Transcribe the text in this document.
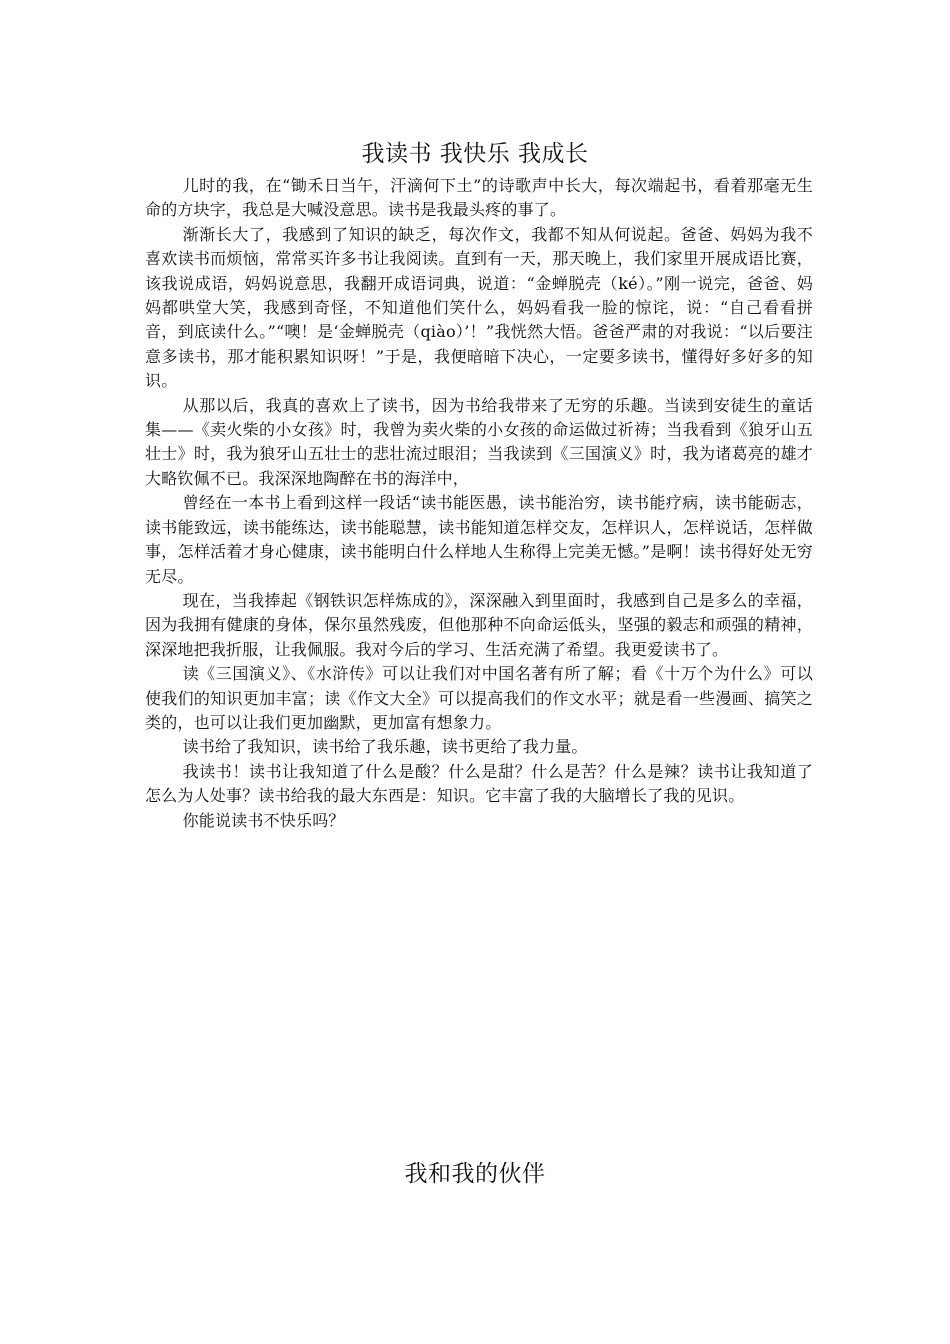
我读书 我快乐 我成长

儿时的我，在“锄禾日当午，汗滴何下土”的诗歌声中长大，每次端起书，看着那毫无生命的方块字，我总是大喊没意思。读书是我最头疼的事了。

渐渐长大了，我感到了知识的缺乏，每次作文，我都不知从何说起。爸爸、妈妈为我不喜欢读书而烦恼，常常买许多书让我阅读。直到有一天，那天晚上，我们家里开展成语比赛，该我说成语，妈妈说意思，我翻开成语词典，说道：“金蝉脱壳（ké）。”刚一说完，爸爸、妈妈都哄堂大笑，我感到奇怪，不知道他们笑什么，妈妈看我一脸的惊诧，说：“自己看看拼音，到底读什么。”“噢！是‘金蝉脱壳（qiào）’！”我恍然大悟。爸爸严肃的对我说：“以后要注意多读书，那才能积累知识呀！”于是，我便暗暗下决心，一定要多读书，懂得好多好多的知识。

从那以后，我真的喜欢上了读书，因为书给我带来了无穷的乐趣。当读到安徒生的童话集——《卖火柴的小女孩》时，我曾为卖火柴的小女孩的命运做过祈祷；当我看到《狼牙山五壮士》时，我为狼牙山五壮士的悲壮流过眼泪；当我读到《三国演义》时，我为诸葛亮的雄才大略钦佩不已。我深深地陶醉在书的海洋中，

曾经在一本书上看到这样一段话“读书能医愚，读书能治穷，读书能疗病，读书能砺志，读书能致远，读书能练达，读书能聪慧，读书能知道怎样交友，怎样识人，怎样说话，怎样做事，怎样活着才身心健康，读书能明白什么样地人生称得上完美无憾。”是啊！读书得好处无穷无尽。

现在，当我捧起《钢铁识怎样炼成的》，深深融入到里面时，我感到自己是多么的幸福，因为我拥有健康的身体，保尔虽然残废，但他那种不向命运低头，坚强的毅志和顽强的精神，深深地把我折服，让我佩服。我对今后的学习、生活充满了希望。我更爱读书了。

读《三国演义》、《水浒传》可以让我们对中国名著有所了解；看《十万个为什么》可以使我们的知识更加丰富；读《作文大全》可以提高我们的作文水平；就是看一些漫画、搞笑之类的，也可以让我们更加幽默，更加富有想象力。

读书给了我知识，读书给了我乐趣，读书更给了我力量。

我读书！读书让我知道了什么是酸？什么是甜？什么是苦？什么是辣？读书让我知道了怎么为人处事？读书给我的最大东西是：知识。它丰富了我的大脑增长了我的见识。

你能说读书不快乐吗？

我和我的伙伴
